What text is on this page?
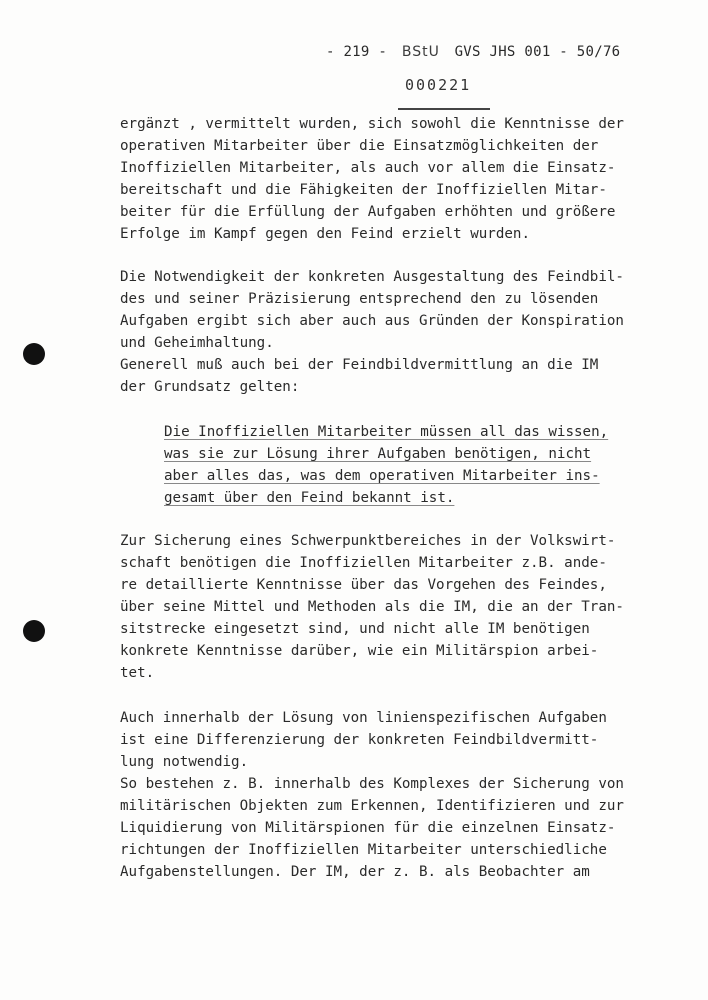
- 219 - BStU GVS JHS 001 - 50/76
000221
ergänzt , vermittelt wurden, sich sowohl die Kenntnisse der
operativen Mitarbeiter über die Einsatzmöglichkeiten der
Inoffiziellen Mitarbeiter, als auch vor allem die Einsatz-
bereitschaft und die Fähigkeiten der Inoffiziellen Mitar-
beiter für die Erfüllung der Aufgaben erhöhten und größere
Erfolge im Kampf gegen den Feind erzielt wurden.
Die Notwendigkeit der konkreten Ausgestaltung des Feindbil-
des und seiner Präzisierung entsprechend den zu lösenden
Aufgaben ergibt sich aber auch aus Gründen der Konspiration
und Geheimhaltung.
Generell muß auch bei der Feindbildvermittlung an die IM
der Grundsatz gelten:
Die Inoffiziellen Mitarbeiter müssen all das wissen,
was sie zur Lösung ihrer Aufgaben benötigen, nicht
aber alles das, was dem operativen Mitarbeiter ins-
gesamt über den Feind bekannt ist.
Zur Sicherung eines Schwerpunktbereiches in der Volkswirt-
schaft benötigen die Inoffiziellen Mitarbeiter z.B. ande-
re detaillierte Kenntnisse über das Vorgehen des Feindes,
über seine Mittel und Methoden als die IM, die an der Tran-
sitstrecke eingesetzt sind, und nicht alle IM benötigen
konkrete Kenntnisse darüber, wie ein Militärspion arbei-
tet.
Auch innerhalb der Lösung von linienspezifischen Aufgaben
ist eine Differenzierung der konkreten Feindbildvermitt-
lung notwendig.
So bestehen z. B. innerhalb des Komplexes der Sicherung von
militärischen Objekten zum Erkennen, Identifizieren und zur
Liquidierung von Militärspionen für die einzelnen Einsatz-
richtungen der Inoffiziellen Mitarbeiter unterschiedliche
Aufgabenstellungen. Der IM, der z. B. als Beobachter am
